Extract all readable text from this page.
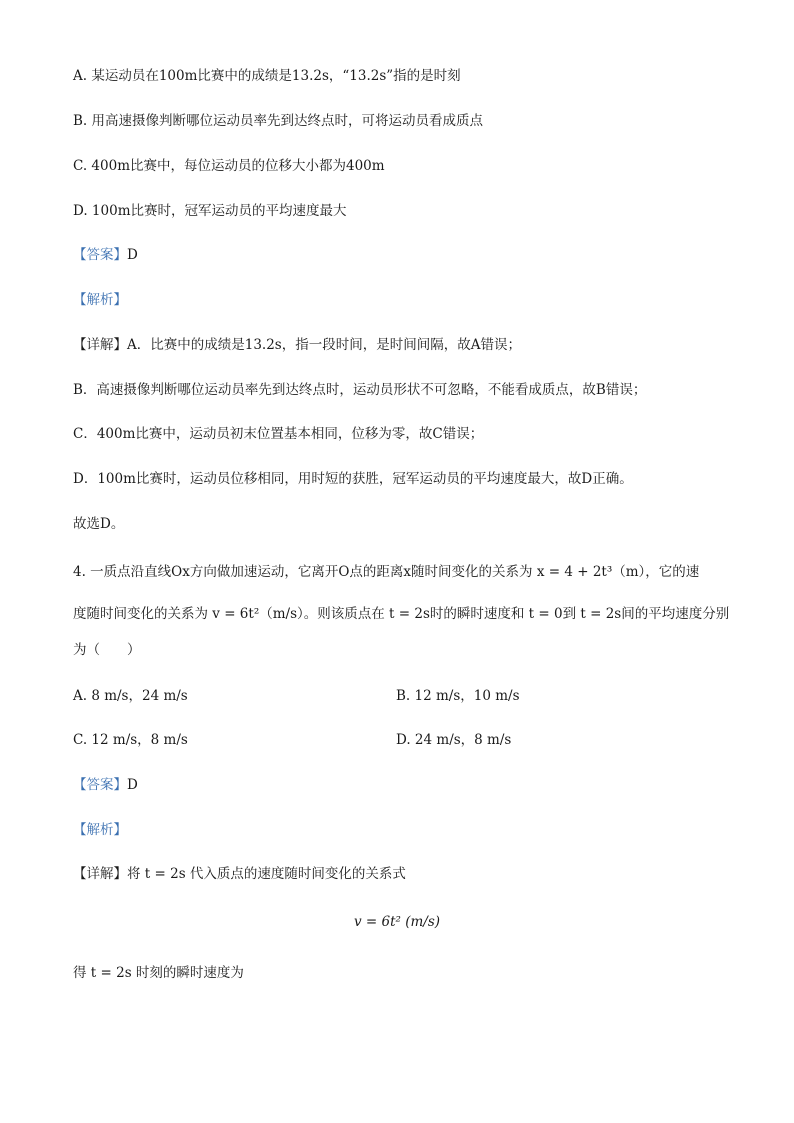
A. 某运动员在100m比赛中的成绩是13.2s，“13.2s”指的是时刻
B. 用高速摄像判断哪位运动员率先到达终点时，可将运动员看成质点
C. 400m比赛中，每位运动员的位移大小都为400m
D. 100m比赛时，冠军运动员的平均速度最大
【答案】D
【解析】
【详解】A．比赛中的成绩是13.2s，指一段时间，是时间间隔，故A错误；
B．高速摄像判断哪位运动员率先到达终点时，运动员形状不可忽略，不能看成质点，故B错误；
C．400m比赛中，运动员初末位置基本相同，位移为零，故C错误；
D．100m比赛时，运动员位移相同，用时短的获胜，冠军运动员的平均速度最大，故D正确。
故选D。
4. 一质点沿直线Ox方向做加速运动，它离开O点的距离x随时间变化的关系为 x = 4 + 2t³（m），它的速
度随时间变化的关系为 v = 6t²（m/s）。则该质点在 t = 2s时的瞬时速度和 t = 0到 t = 2s间的平均速度分别
为（　　）
A. 8 m/s，24 m/s	B. 12 m/s，10 m/s
C. 12 m/s，8 m/s	D. 24 m/s，8 m/s
【答案】D
【解析】
【详解】将 t = 2s 代入质点的速度随时间变化的关系式
v = 6t² (m/s)
得 t = 2s 时刻的瞬时速度为
